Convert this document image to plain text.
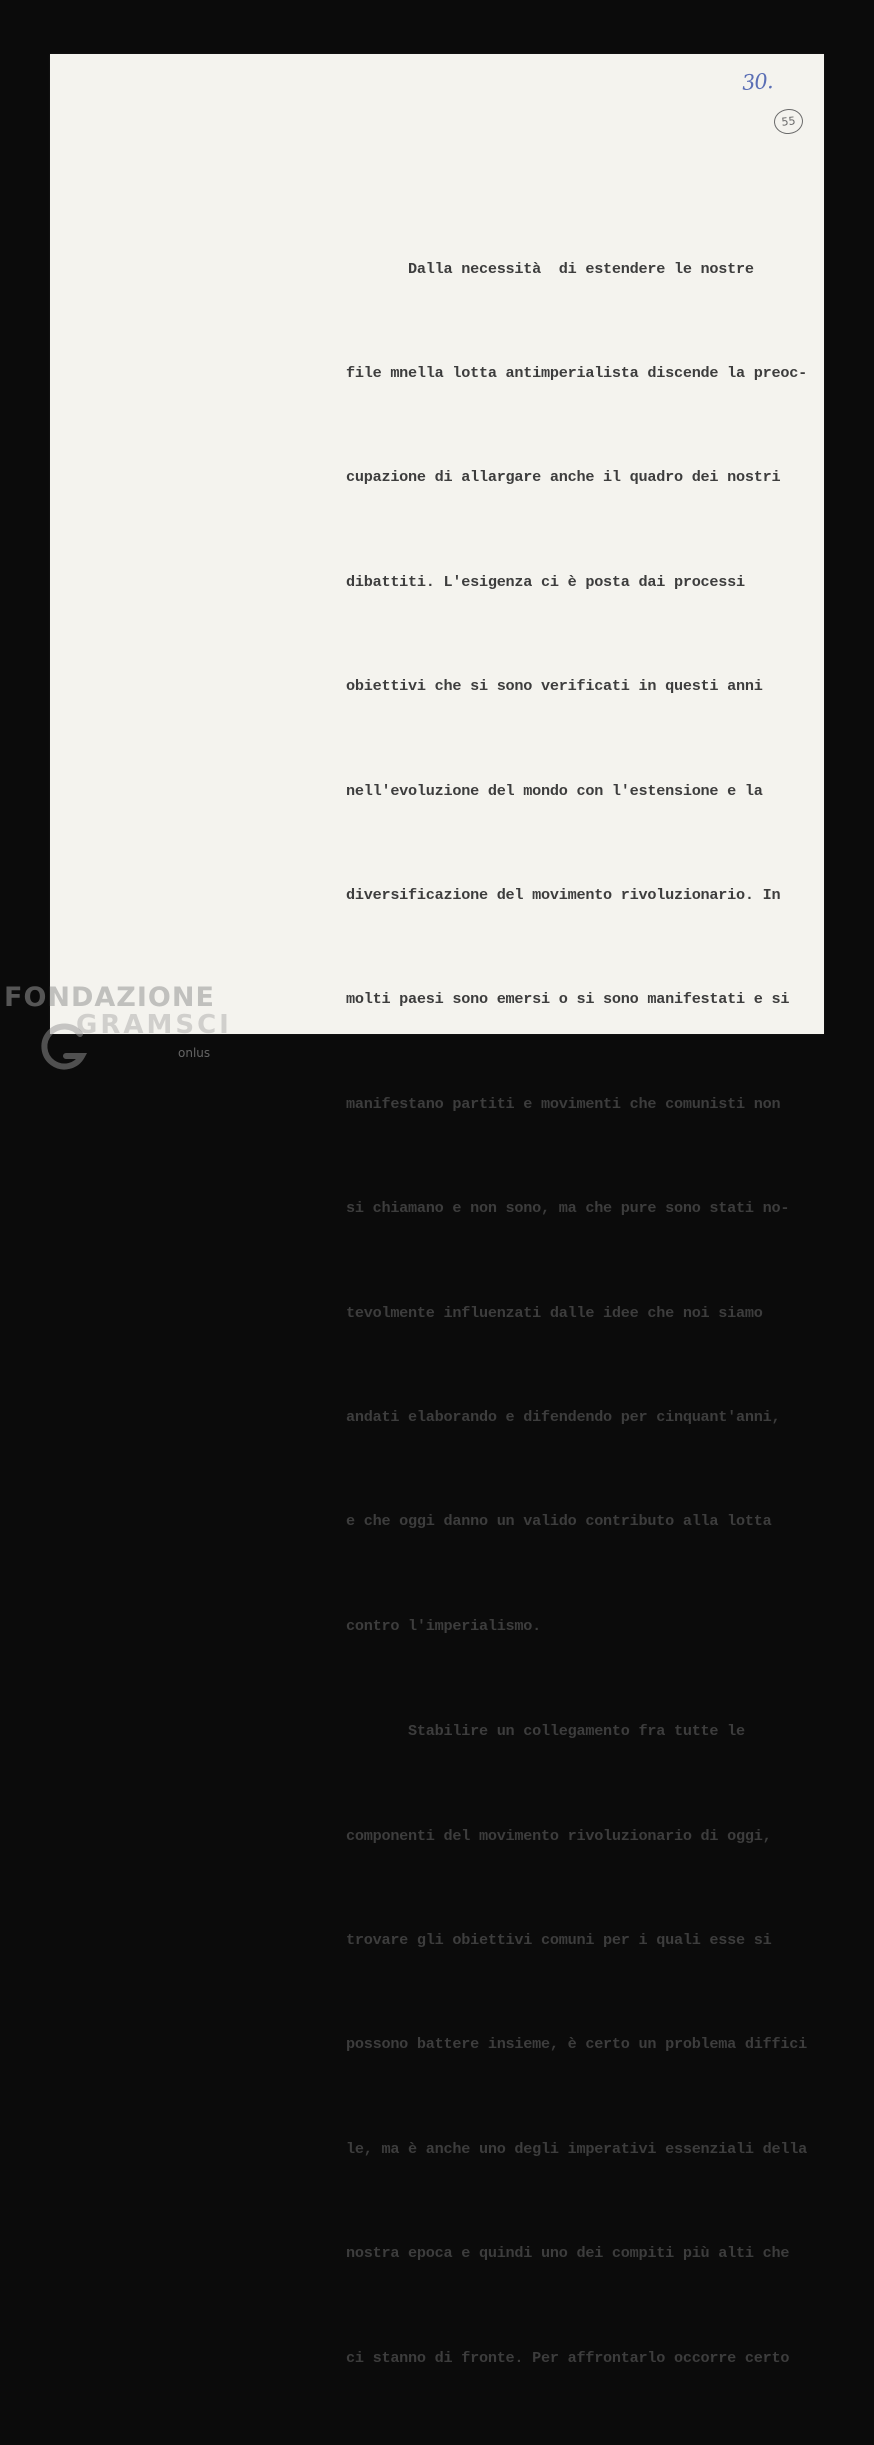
30.
55

Dalla necessità  di estendere le nostre

file mnella lotta antimperialista discende la preoc-

cupazione di allargare anche il quadro dei nostri

dibattiti. L'esigenza ci è posta dai processi

obiettivi che si sono verificati in questi anni

nell'evoluzione del mondo con l'estensione e la

diversificazione del movimento rivoluzionario. In

molti paesi sono emersi o si sono manifestati e si

manifestano partiti e movimenti che comunisti non

si chiamano e non sono, ma che pure sono stati no-

tevolmente influenzati dalle idee che noi siamo

andati elaborando e difendendo per cinquant'anni,

e che oggi danno un valido contributo alla lotta

contro l'imperialismo.

Stabilire un collegamento fra tutte le

componenti del movimento rivoluzionario di oggi,

trovare gli obiettivi comuni per i quali esse si

possono battere insieme, è certo un problema diffici

le, ma è anche uno degli imperativi essenziali della

nostra epoca e quindi uno dei compiti più alti che

ci stanno di fronte. Per affrontarlo occorre certo

FONDAZIONE
GRAMSCI
onlus
